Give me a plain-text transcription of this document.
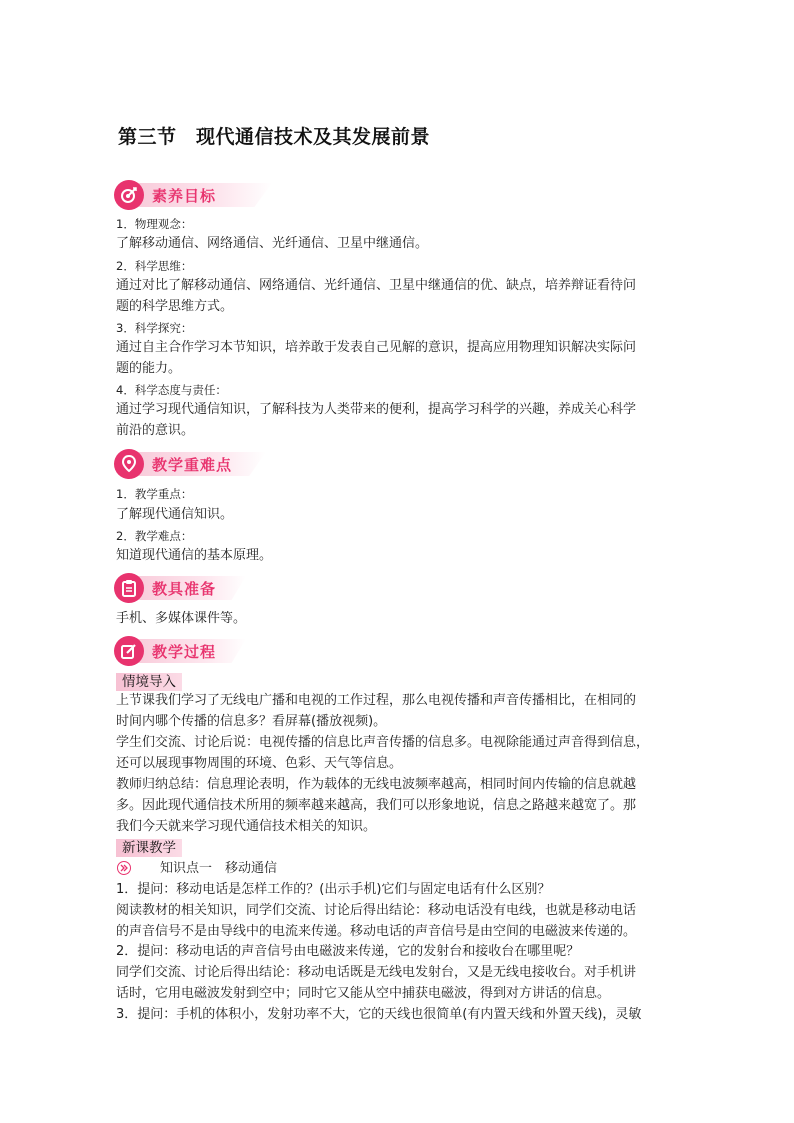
第三节　现代通信技术及其发展前景
素养目标
1．物理观念：
了解移动通信、网络通信、光纤通信、卫星中继通信。
2．科学思维：
通过对比了解移动通信、网络通信、光纤通信、卫星中继通信的优、缺点，培养辩证看待问
题的科学思维方式。
3．科学探究：
通过自主合作学习本节知识，培养敢于发表自己见解的意识，提高应用物理知识解决实际问
题的能力。
4．科学态度与责任：
通过学习现代通信知识，了解科技为人类带来的便利，提高学习科学的兴趣，养成关心科学
前沿的意识。
教学重难点
1．教学重点：
了解现代通信知识。
2．教学难点：
知道现代通信的基本原理。
教具准备
手机、多媒体课件等。
教学过程
情境导入
上节课我们学习了无线电广播和电视的工作过程，那么电视传播和声音传播相比，在相同的
时间内哪个传播的信息多？看屏幕(播放视频)。
学生们交流、讨论后说：电视传播的信息比声音传播的信息多。电视除能通过声音得到信息，
还可以展现事物周围的环境、色彩、天气等信息。
教师归纳总结：信息理论表明，作为载体的无线电波频率越高，相同时间内传输的信息就越
多。因此现代通信技术所用的频率越来越高，我们可以形象地说，信息之路越来越宽了。那
我们今天就来学习现代通信技术相关的知识。
新课教学
知识点一　移动通信
1．提问：移动电话是怎样工作的？(出示手机)它们与固定电话有什么区别？
阅读教材的相关知识，同学们交流、讨论后得出结论：移动电话没有电线，也就是移动电话
的声音信号不是由导线中的电流来传递。移动电话的声音信号是由空间的电磁波来传递的。
2．提问：移动电话的声音信号由电磁波来传递，它的发射台和接收台在哪里呢？
同学们交流、讨论后得出结论：移动电话既是无线电发射台，又是无线电接收台。对手机讲
话时，它用电磁波发射到空中；同时它又能从空中捕获电磁波，得到对方讲话的信息。
3．提问：手机的体积小，发射功率不大，它的天线也很简单(有内置天线和外置天线)，灵敏
